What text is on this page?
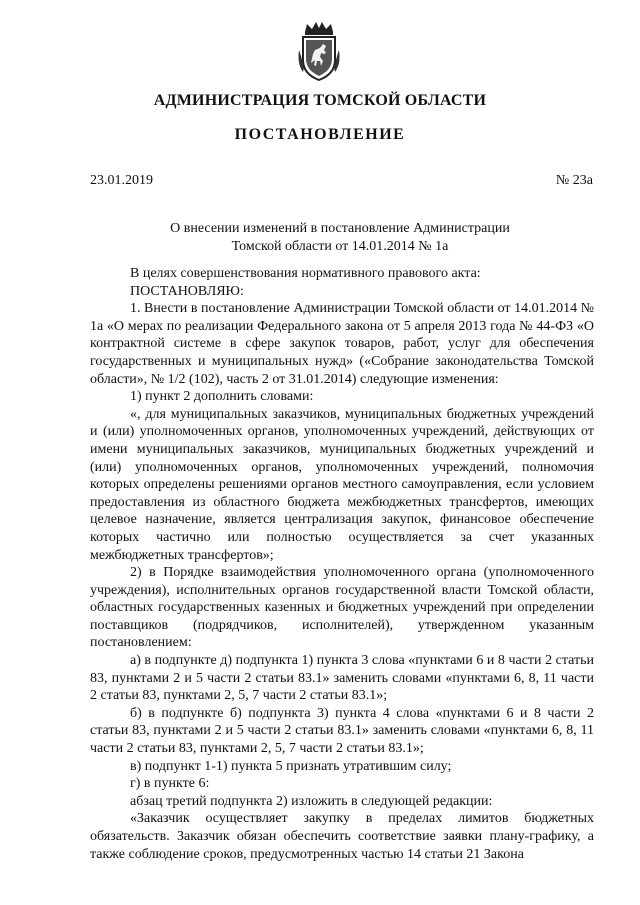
АДМИНИСТРАЦИЯ ТОМСКОЙ ОБЛАСТИ
ПОСТАНОВЛЕНИЕ
23.01.2019	№ 23а
О внесении изменений в постановление Администрации
Томской области от 14.01.2014 № 1а

В целях совершенствования нормативного правового акта:

ПОСТАНОВЛЯЮ:

1. Внести в постановление Администрации Томской области от 14.01.2014 № 1а «О мерах по реализации Федерального закона от 5 апреля 2013 года № 44-ФЗ «О контрактной системе в сфере закупок товаров, работ, услуг для обеспечения государственных и муниципальных нужд» («Собрание законодательства Томской области», № 1/2 (102), часть 2 от 31.01.2014) следующие изменения:

1) пункт 2 дополнить словами:

«, для муниципальных заказчиков, муниципальных бюджетных учреждений и (или) уполномоченных органов, уполномоченных учреждений, действующих от имени муниципальных заказчиков, муниципальных бюджетных учреждений и (или) уполномоченных органов, уполномоченных учреждений, полномочия которых определены решениями органов местного самоуправления, если условием предоставления из областного бюджета межбюджетных трансфертов, имеющих целевое назначение, является централизация закупок, финансовое обеспечение которых частично или полностью осуществляется за счет указанных межбюджетных трансфертов»;

2) в Порядке взаимодействия уполномоченного органа (уполномоченного учреждения), исполнительных органов государственной власти Томской области, областных государственных казенных и бюджетных учреждений при определении поставщиков (подрядчиков, исполнителей), утвержденном указанным постановлением:

а) в подпункте д) подпункта 1) пункта 3 слова «пунктами 6 и 8 части 2 статьи 83, пунктами 2 и 5 части 2 статьи 83.1» заменить словами «пунктами 6, 8, 11 части 2 статьи 83, пунктами 2, 5, 7 части 2 статьи 83.1»;

б) в подпункте б) подпункта 3) пункта 4 слова «пунктами 6 и 8 части 2 статьи 83, пунктами 2 и 5 части 2 статьи 83.1» заменить словами «пунктами 6, 8, 11 части 2 статьи 83, пунктами 2, 5, 7 части 2 статьи 83.1»;

в) подпункт 1-1) пункта 5 признать утратившим силу;

г) в пункте 6:

абзац третий подпункта 2) изложить в следующей редакции:

«Заказчик осуществляет закупку в пределах лимитов бюджетных обязательств. Заказчик обязан обеспечить соответствие заявки плану-графику, а также соблюдение сроков, предусмотренных частью 14 статьи 21 Закона
